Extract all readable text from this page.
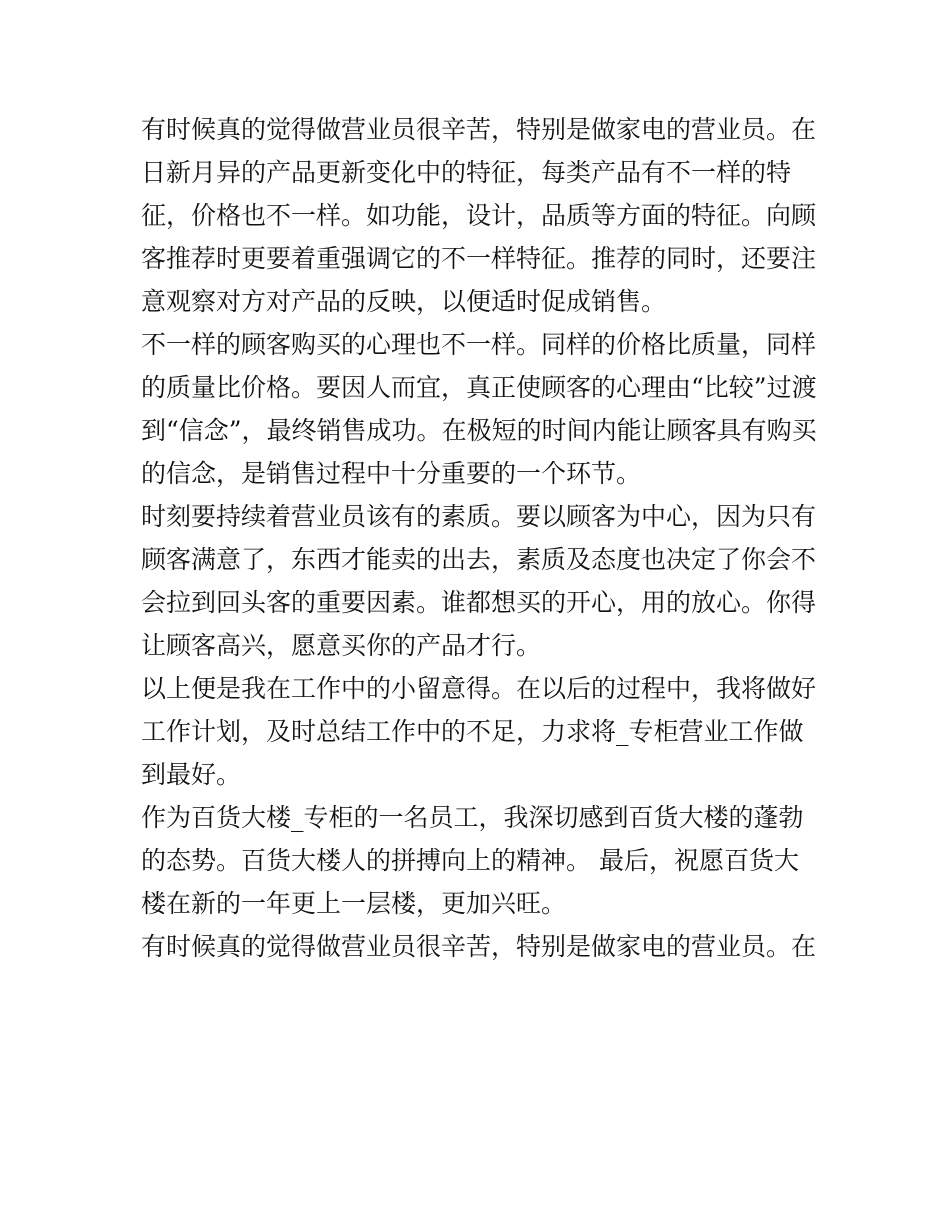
有时候真的觉得做营业员很辛苦，特别是做家电的营业员。在
日新月异的产品更新变化中的特征，每类产品有不一样的特
征，价格也不一样。如功能，设计，品质等方面的特征。向顾
客推荐时更要着重强调它的不一样特征。推荐的同时，还要注
意观察对方对产品的反映，以便适时促成销售。
不一样的顾客购买的心理也不一样。同样的价格比质量，同样
的质量比价格。要因人而宜，真正使顾客的心理由“比较”过渡
到“信念”，最终销售成功。在极短的时间内能让顾客具有购买
的信念，是销售过程中十分重要的一个环节。
时刻要持续着营业员该有的素质。要以顾客为中心，因为只有
顾客满意了，东西才能卖的出去，素质及态度也决定了你会不
会拉到回头客的重要因素。谁都想买的开心，用的放心。你得
让顾客高兴，愿意买你的产品才行。
以上便是我在工作中的小留意得。在以后的过程中，我将做好
工作计划，及时总结工作中的不足，力求将_专柜营业工作做
到最好。
作为百货大楼_专柜的一名员工，我深切感到百货大楼的蓬勃
的态势。百货大楼人的拼搏向上的精神。 最后，祝愿百货大
楼在新的一年更上一层楼，更加兴旺。
有时候真的觉得做营业员很辛苦，特别是做家电的营业员。在
